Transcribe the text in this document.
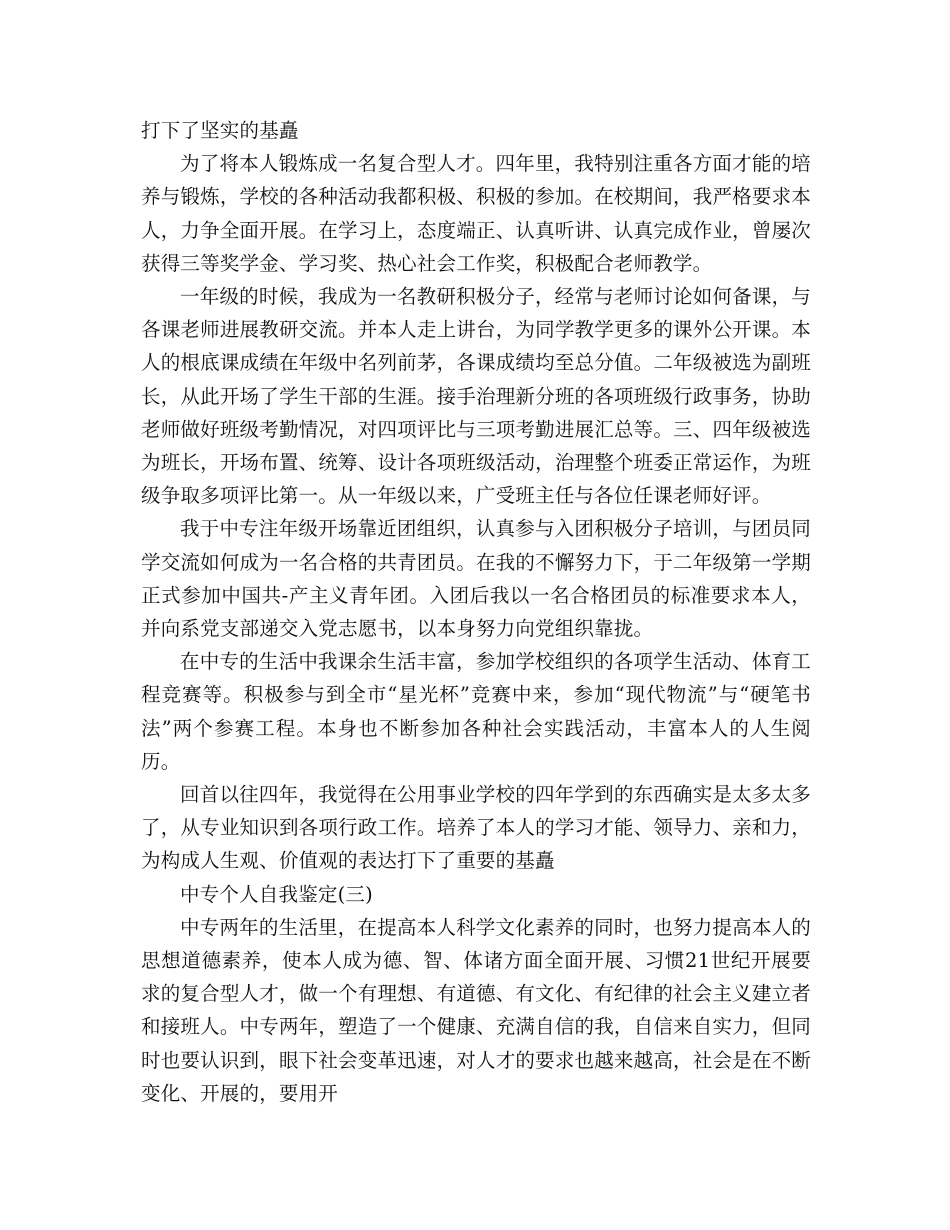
打下了坚实的基矗

为了将本人锻炼成一名复合型人才。四年里，我特别注重各方面才能的培养与锻炼，学校的各种活动我都积极、积极的参加。在校期间，我严格要求本人，力争全面开展。在学习上，态度端正、认真听讲、认真完成作业，曾屡次获得三等奖学金、学习奖、热心社会工作奖，积极配合老师教学。

一年级的时候，我成为一名教研积极分子，经常与老师讨论如何备课，与各课老师进展教研交流。并本人走上讲台，为同学教学更多的课外公开课。本人的根底课成绩在年级中名列前茅，各课成绩均至总分值。二年级被选为副班长，从此开场了学生干部的生涯。接手治理新分班的各项班级行政事务，协助老师做好班级考勤情况，对四项评比与三项考勤进展汇总等。三、四年级被选为班长，开场布置、统筹、设计各项班级活动，治理整个班委正常运作，为班级争取多项评比第一。从一年级以来，广受班主任与各位任课老师好评。

我于中专注年级开场靠近团组织，认真参与入团积极分子培训，与团员同学交流如何成为一名合格的共青团员。在我的不懈努力下，于二年级第一学期正式参加中国共-产主义青年团。入团后我以一名合格团员的标准要求本人，并向系党支部递交入党志愿书，以本身努力向党组织靠拢。

在中专的生活中我课余生活丰富，参加学校组织的各项学生活动、体育工程竞赛等。积极参与到全市“星光杯”竞赛中来，参加“现代物流”与“硬笔书法”两个参赛工程。本身也不断参加各种社会实践活动，丰富本人的人生阅历。

回首以往四年，我觉得在公用事业学校的四年学到的东西确实是太多太多了，从专业知识到各项行政工作。培养了本人的学习才能、领导力、亲和力，为构成人生观、价值观的表达打下了重要的基矗

中专个人自我鉴定(三)

中专两年的生活里，在提高本人科学文化素养的同时，也努力提高本人的思想道德素养，使本人成为德、智、体诸方面全面开展、习惯21世纪开展要求的复合型人才，做一个有理想、有道德、有文化、有纪律的社会主义建立者和接班人。中专两年，塑造了一个健康、充满自信的我，自信来自实力，但同时也要认识到，眼下社会变革迅速，对人才的要求也越来越高，社会是在不断变化、开展的，要用开
